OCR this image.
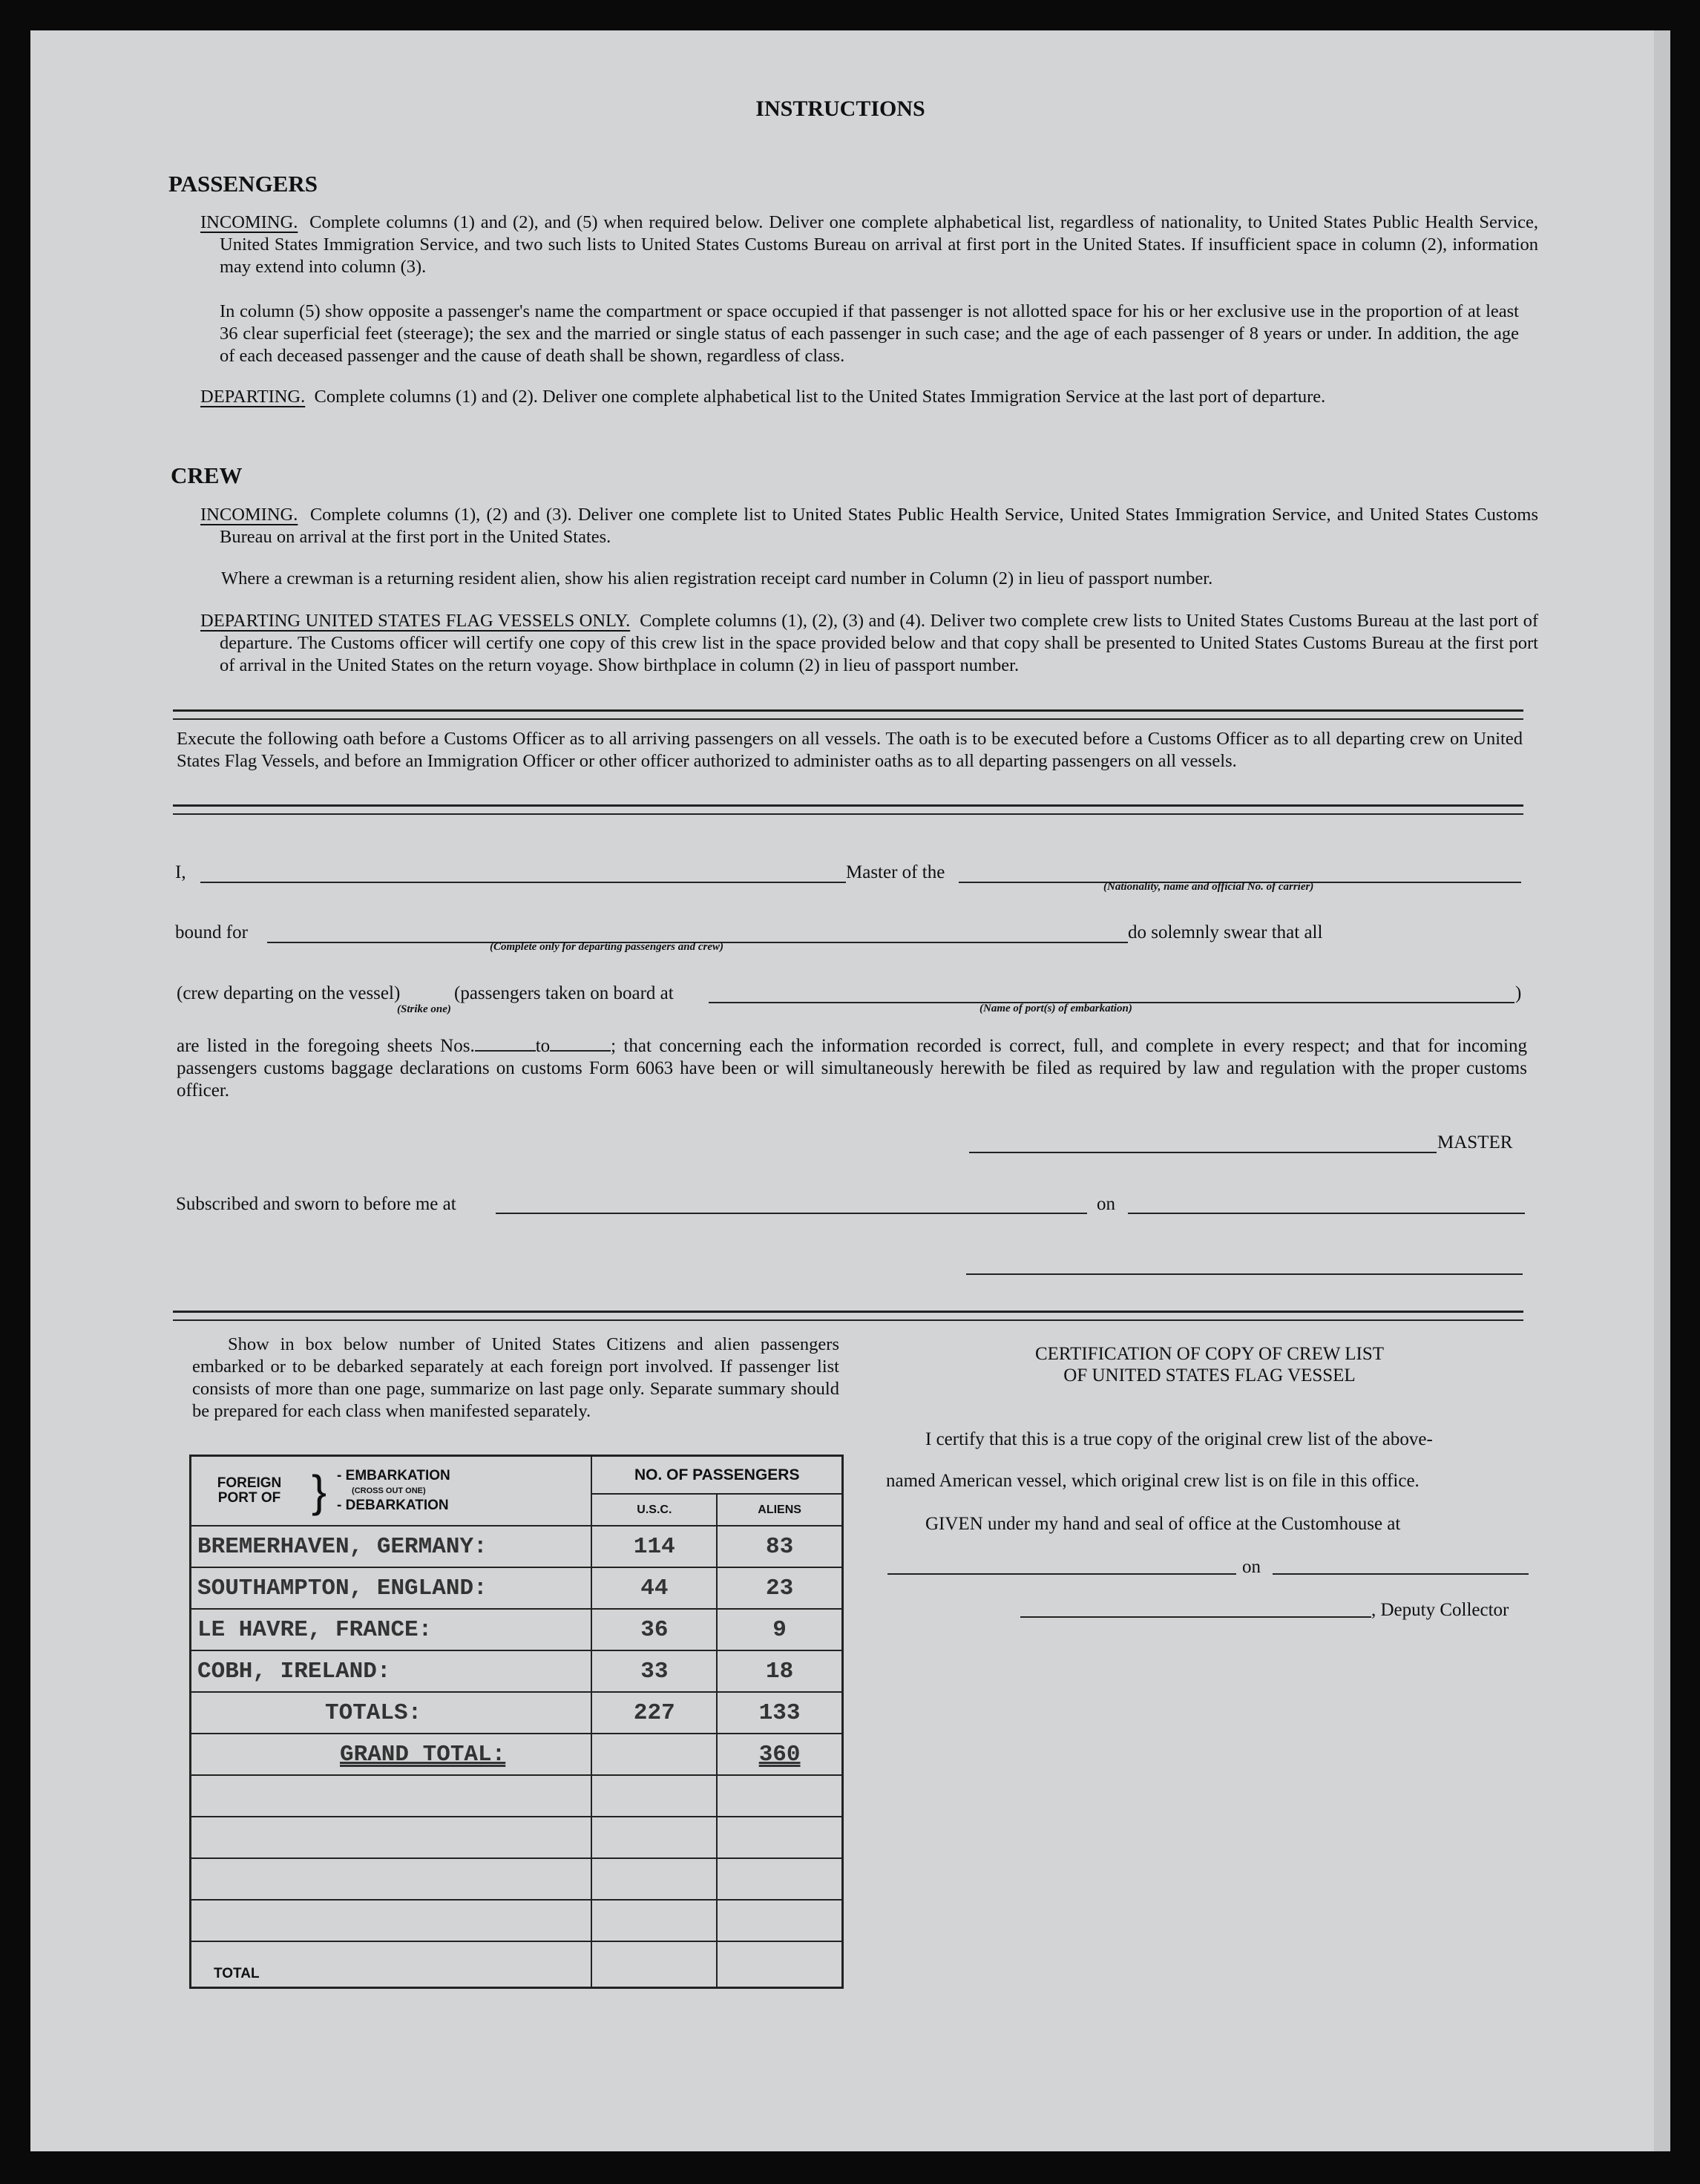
INSTRUCTIONS
PASSENGERS
INCOMING. Complete columns (1) and (2), and (5) when required below. Deliver one complete alphabetical list, regardless of nationality, to United States Public Health Service, United States Immigration Service, and two such lists to United States Customs Bureau on arrival at first port in the United States. If insufficient space in column (2), information may extend into column (3).
In column (5) show opposite a passenger's name the compartment or space occupied if that passenger is not allotted space for his or her exclusive use in the proportion of at least 36 clear superficial feet (steerage); the sex and the married or single status of each passenger in such case; and the age of each passenger of 8 years or under. In addition, the age of each deceased passenger and the cause of death shall be shown, regardless of class.
DEPARTING. Complete columns (1) and (2). Deliver one complete alphabetical list to the United States Immigration Service at the last port of departure.
CREW
INCOMING. Complete columns (1), (2) and (3). Deliver one complete list to United States Public Health Service, United States Immigration Service, and United States Customs Bureau on arrival at the first port in the United States.
Where a crewman is a returning resident alien, show his alien registration receipt card number in Column (2) in lieu of passport number.
DEPARTING UNITED STATES FLAG VESSELS ONLY. Complete columns (1), (2), (3) and (4). Deliver two complete crew lists to United States Customs Bureau at the last port of departure. The Customs officer will certify one copy of this crew list in the space provided below and that copy shall be presented to United States Customs Bureau at the first port of arrival in the United States on the return voyage. Show birthplace in column (2) in lieu of passport number.
Execute the following oath before a Customs Officer as to all arriving passengers on all vessels. The oath is to be executed before a Customs Officer as to all departing crew on United States Flag Vessels, and before an Immigration Officer or other officer authorized to administer oaths as to all departing passengers on all vessels.
I,	Master of the
(Nationality, name and official No. of carrier)
bound for
(Complete only for departing passengers and crew)
do solemnly swear that all
(crew departing on the vessel)
(Strike one)
(passengers taken on board at	)
(Name of port(s) of embarkation)
are listed in the foregoing sheets Nos.	to	; that concerning each the information recorded is correct, full, and complete in every respect; and that for incoming passengers customs baggage declarations on customs Form 6063 have been or will simultaneously herewith be filed as required by law and regulation with the proper customs officer.
MASTER
Subscribed and sworn to before me at	on
Show in box below number of United States Citizens and alien passengers embarked or to be debarked separately at each foreign port involved. If passenger list consists of more than one page, summarize on last page only. Separate summary should be prepared for each class when manifested separately.
FOREIGN PORT OF } - EMBARKATION
(CROSS OUT ONE)
- DEBARKATION	NO. OF PASSENGERS	
	U.S.C.	ALIENS
BREMERHAVEN, GERMANY:	114	83
SOUTHAMPTON, ENGLAND:	44	23
LE HAVRE, FRANCE:	36	9
COBH, IRELAND:	33	18
TOTALS:	227	133
GRAND TOTAL:		360

TOTAL		
CERTIFICATION OF COPY OF CREW LIST
OF UNITED STATES FLAG VESSEL
I certify that this is a true copy of the original crew list of the above-
named American vessel, which original crew list is on file in this office.
GIVEN under my hand and seal of office at the Customhouse at
on
, Deputy Collector
